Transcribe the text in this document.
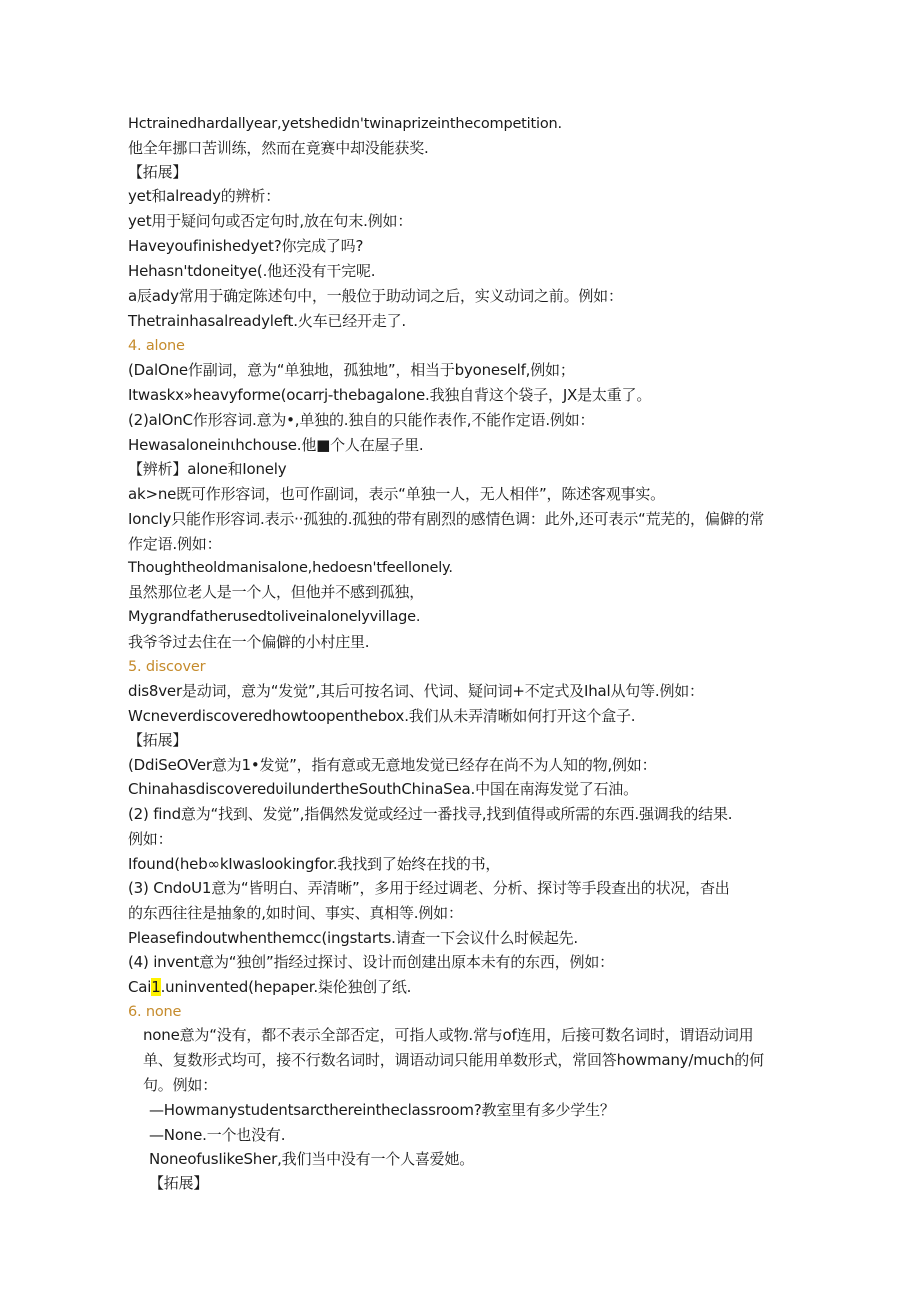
Hctrainedhardallyear,yetshedidn'twinaprizeinthecompetition.
他全年挪口苦训练，然而在竟赛中却没能获奖.
【拓展】
yet和already的辨析：
yet用于疑问句或否定句时,放在句末.例如：
Haveyoufinishedyet?你完成了吗?
Hehasn'tdoneitye(.他还没有干完呢.
a辰ady常用于确定陈述句中，一般位于助动词之后，实义动词之前。例如：
Thetrainhasalreadyleft.火车已经开走了.
4. alone
(DalOne作副词，意为“单独地，孤独地”，相当于byoneself,例如；
Itwaskx»heavyforme(ocarrj-thebagalone.我独自背这个袋子，JX是太重了。
(2)alOnC作形容词.意为•,单独的.独自的只能作表作,不能作定语.例如：
Hewasaloneinιhchouse.他■个人在屋子里.
【辨析】alone和Ionely
ak>ne既可作形容词，也可作副词，表示“单独一人，无人相伴”，陈述客观事实。
Ioncly只能作形容词.表示··孤独的.孤独的带有剧烈的感情色调：此外,还可表示“荒芜的，偏僻的常
作定语.例如：
Thoughtheoldmanisalone,hedoesn'tfeellonely.
虽然那位老人是一个人，但他并不感到孤独，
Mygrandfatherusedtoliveinalonelyvillage.
我爷爷过去住在一个偏僻的小村庄里.
5. discover
dis8ver是动词，意为“发觉”,其后可按名词、代词、疑问词+不定式及Ihal从句等.例如：
Wcneverdiscoveredhowtoopenthebox.我们从未弄清晰如何打开这个盒子.
【拓展】
(DdiSeOVer意为1•发觉”，指有意或无意地发觉已经存在尚不为人知的物,例如：
ChinahasdiscoveredυilundertheSouthChinaSea.中国在南海发觉了石油。
(2) find意为“找到、发觉”,指偶然发觉或经过一番找寻,找到值得或所需的东西.强调我的结果.
例如：
Ifound(heb∞kIwaslookingfor.我找到了始终在找的书，
(3) CndoU1意为“皆明白、弄清晰”，多用于经过调老、分析、探讨等手段查出的状况，杳出
的东西往往是抽象的,如时间、事实、真相等.例如：
Pleasefindoutwhenthemcc(ingstarts.请查一下会议什么时候起先.
(4) invent意为“独创”指经过探讨、设计而创建出原本未有的东西，例如：
Cai1.uninvented(hepaper.柒伦独创了纸.
6. none
none意为“没有，都不表示全部否定，可指人或物.常与of连用，后接可数名词时，谓语动词用
单、复数形式均可，接不行数名词时，调语动词只能用单数形式，常回答howmany/much的何
句。例如：
—Howmanystudentsarcthereintheclassroom?教室里有多少学生？
—None.一个也没有.
NoneofusIikeSher,我们当中没有一个人喜爱她。
【拓展】
